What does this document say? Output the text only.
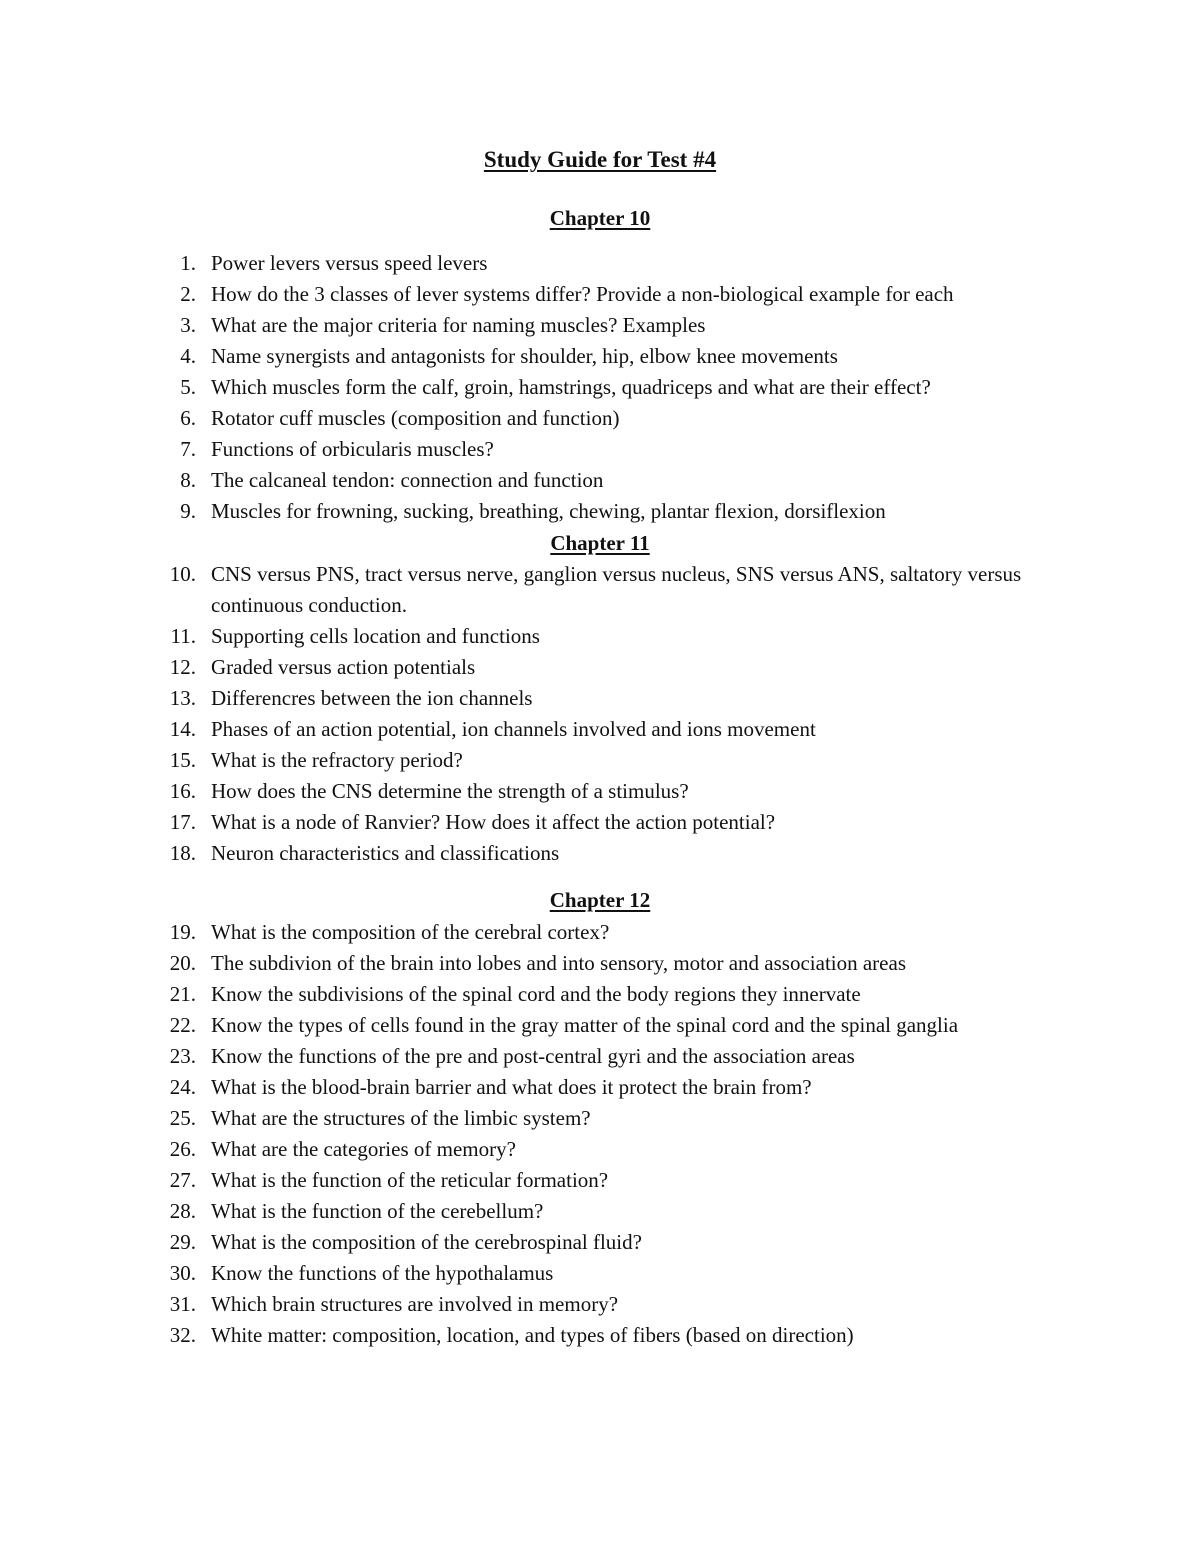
Study Guide for Test #4
Chapter 10
1. Power levers versus speed levers
2. How do the 3 classes of lever systems differ? Provide a non-biological example for each
3. What are the major criteria for naming muscles? Examples
4. Name synergists and antagonists for shoulder, hip, elbow knee movements
5. Which muscles form the calf, groin, hamstrings, quadriceps and what are their effect?
6. Rotator cuff muscles (composition and function)
7. Functions of orbicularis muscles?
8. The calcaneal tendon: connection and function
9. Muscles for frowning, sucking, breathing, chewing, plantar flexion, dorsiflexion
Chapter 11
10. CNS versus PNS, tract versus nerve, ganglion versus nucleus, SNS versus ANS, saltatory versus continuous conduction.
11. Supporting cells location and functions
12. Graded versus action potentials
13. Differencres between the ion channels
14. Phases of an action potential, ion channels involved and ions movement
15. What is the refractory period?
16. How does the CNS determine the strength of a stimulus?
17. What is a node of Ranvier? How does it affect the action potential?
18. Neuron characteristics and classifications
Chapter 12
19. What is the composition of the cerebral cortex?
20. The subdivion of the brain into lobes and into sensory, motor and association areas
21. Know the subdivisions of the spinal cord and the body regions they innervate
22. Know the types of cells found in the gray matter of the spinal cord and the spinal ganglia
23. Know the functions of the pre and post-central gyri and the association areas
24. What is the blood-brain barrier and what does it protect the brain from?
25. What are the structures of the limbic system?
26. What are the categories of memory?
27. What is the function of the reticular formation?
28. What is the function of the cerebellum?
29. What is the composition of the cerebrospinal fluid?
30. Know the functions of the hypothalamus
31. Which brain structures are involved in memory?
32. White matter: composition, location, and types of fibers (based on direction)
